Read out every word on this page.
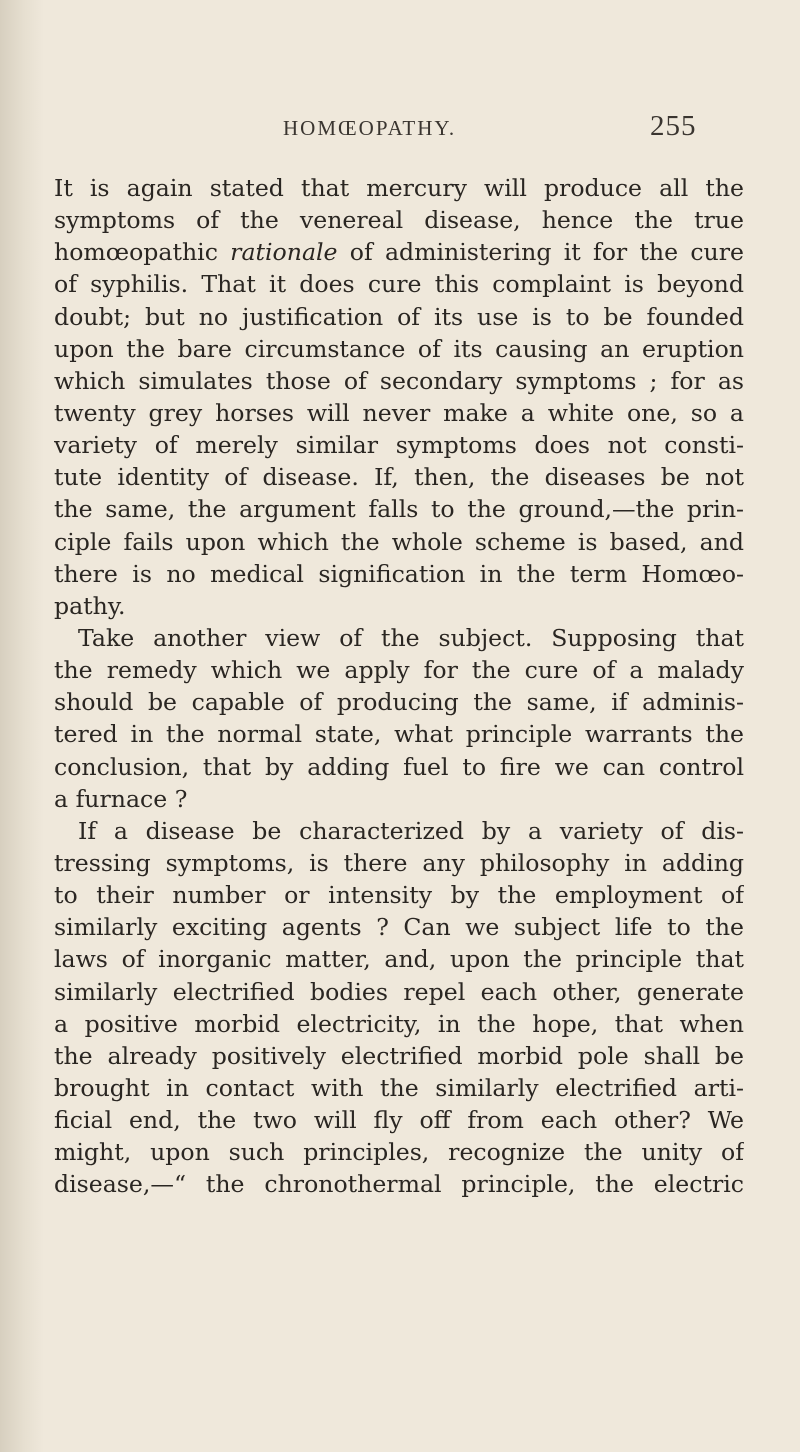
HOMŒOPATHY.	255
It is again stated that mercury will produce all the
symptoms of the venereal disease, hence the true
homœopathic rationale of administering it for the cure
of syphilis. That it does cure this complaint is beyond
doubt; but no justification of its use is to be founded
upon the bare circumstance of its causing an eruption
which simulates those of secondary symptoms ; for as
twenty grey horses will never make a white one, so a
variety of merely similar symptoms does not consti-
tute identity of disease. If, then, the diseases be not
the same, the argument falls to the ground,—the prin-
ciple fails upon which the whole scheme is based, and
there is no medical signification in the term Homœo-
pathy.
Take another view of the subject. Supposing that
the remedy which we apply for the cure of a malady
should be capable of producing the same, if adminis-
tered in the normal state, what principle warrants the
conclusion, that by adding fuel to fire we can control
a furnace ?
If a disease be characterized by a variety of dis-
tressing symptoms, is there any philosophy in adding
to their number or intensity by the employment of
similarly exciting agents ? Can we subject life to the
laws of inorganic matter, and, upon the principle that
similarly electrified bodies repel each other, generate
a positive morbid electricity, in the hope, that when
the already positively electrified morbid pole shall be
brought in contact with the similarly electrified arti-
ficial end, the two will fly off from each other? We
might, upon such principles, recognize the unity of
disease,—“ the chronothermal principle, the electric
